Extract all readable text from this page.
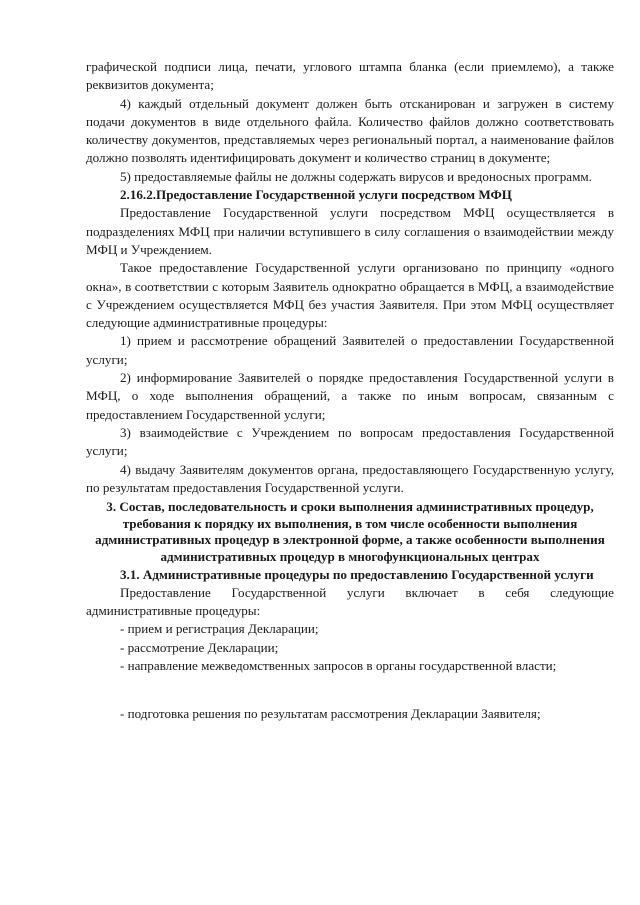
графической подписи лица, печати, углового штампа бланка (если приемлемо), а также реквизитов документа;

4) каждый отдельный документ должен быть отсканирован и загружен в систему подачи документов в виде отдельного файла. Количество файлов должно соответствовать количеству документов, представляемых через региональный портал, а наименование файлов должно позволять идентифицировать документ и количество страниц в документе;

5) предоставляемые файлы не должны содержать вирусов и вредоносных программ.

2.16.2.Предоставление Государственной услуги посредством МФЦ

Предоставление Государственной услуги посредством МФЦ осуществляется в подразделениях МФЦ при наличии вступившего в силу соглашения о взаимодействии между МФЦ и Учреждением.

Такое предоставление Государственной услуги организовано по принципу «одного окна», в соответствии с которым Заявитель однократно обращается в МФЦ, а взаимодействие с Учреждением осуществляется МФЦ без участия Заявителя. При этом МФЦ осуществляет следующие административные процедуры:

1) прием и рассмотрение обращений Заявителей о предоставлении Государственной услуги;

2) информирование Заявителей о порядке предоставления Государственной услуги в МФЦ, о ходе выполнения обращений, а также по иным вопросам, связанным с предоставлением Государственной услуги;

3) взаимодействие с Учреждением по вопросам предоставления Государственной услуги;

4) выдачу Заявителям документов органа, предоставляющего Государственную услугу, по результатам предоставления Государственной услуги.

3. Состав, последовательность и сроки выполнения административных процедур, требования к порядку их выполнения, в том числе особенности выполнения административных процедур в электронной форме, а также особенности выполнения административных процедур в многофункциональных центрах

3.1. Административные процедуры по предоставлению Государственной услуги

Предоставление Государственной услуги включает в себя следующие административные процедуры:

- прием и регистрация Декларации;

- рассмотрение Декларации;

- направление межведомственных запросов в органы государственной власти;

- подготовка решения по результатам рассмотрения Декларации Заявителя;
